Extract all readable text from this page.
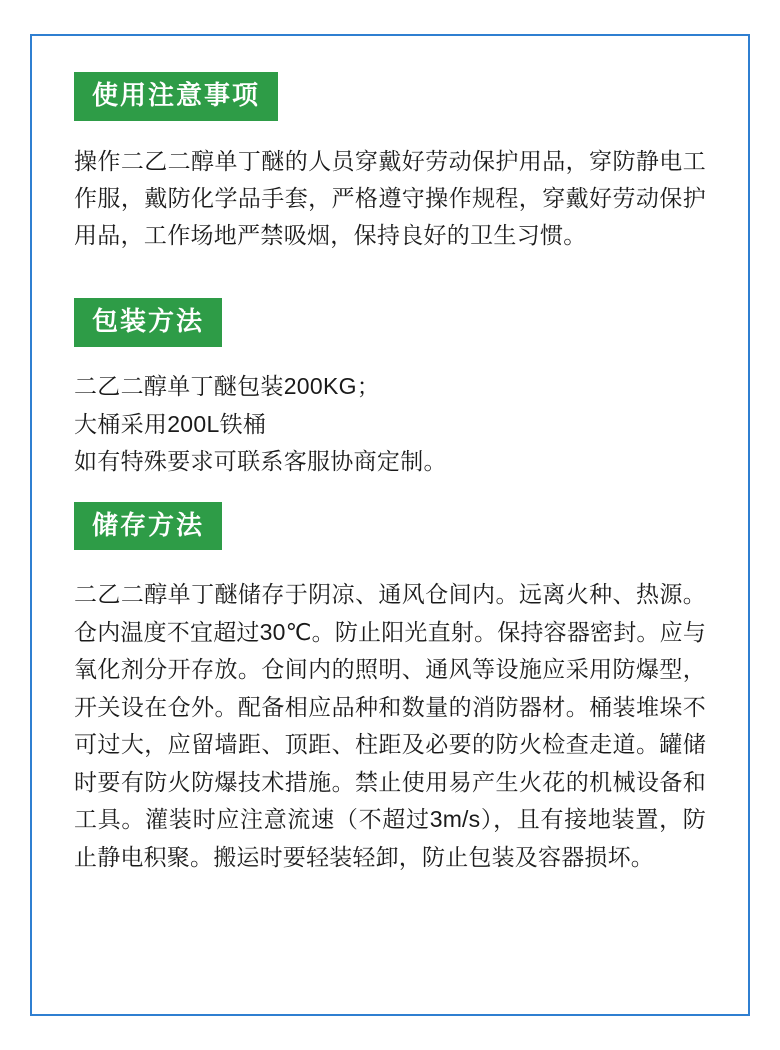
使用注意事项

操作二乙二醇单丁醚的人员穿戴好劳动保护用品，穿防静电工作服，戴防化学品手套，严格遵守操作规程，穿戴好劳动保护用品，工作场地严禁吸烟，保持良好的卫生习惯。

包装方法
二乙二醇单丁醚包装200KG；
大桶采用200L铁桶
如有特殊要求可联系客服协商定制。
储存方法

二乙二醇单丁醚储存于阴凉、通风仓间内。远离火种、热源。仓内温度不宜超过30℃。防止阳光直射。保持容器密封。应与氧化剂分开存放。仓间内的照明、通风等设施应采用防爆型，开关设在仓外。配备相应品种和数量的消防器材。桶装堆垛不可过大，应留墙距、顶距、柱距及必要的防火检查走道。罐储时要有防火防爆技术措施。禁止使用易产生火花的机械设备和工具。灌装时应注意流速（不超过3m/s），且有接地装置，防止静电积聚。搬运时要轻装轻卸，防止包装及容器损坏。
